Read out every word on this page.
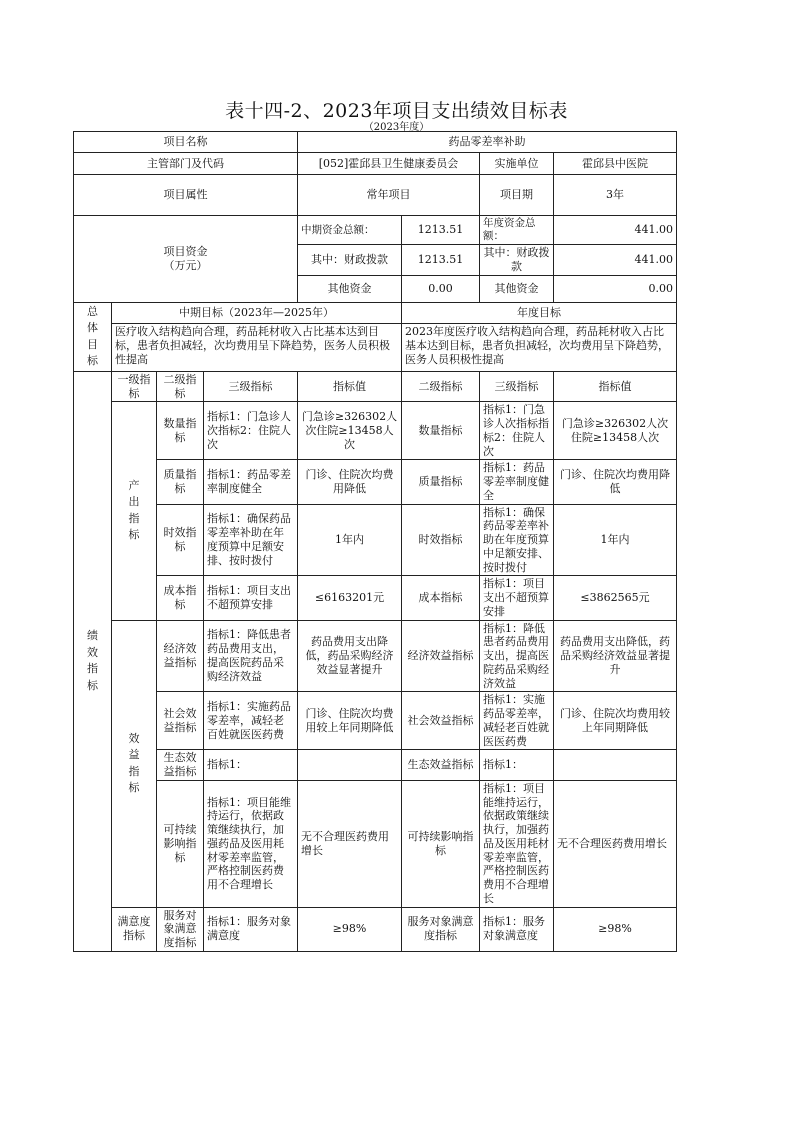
表十四-2、2023年项目支出绩效目标表
（2023年度）
项目名称				药品零差率补助			
主管部门及代码				[052]霍邱县卫生健康委员会		实施单位	霍邱县中医院
项目属性				常年项目		项目期	3年
项目资金
（万元）				中期资金总额：	1213.51	年度资金总额：	441.00
				其中：财政拨款	1213.51	其中：财政拨款	441.00
				其他资金	0.00	其他资金	0.00

总
体
目
标	中期目标（2023年—2025年）				年度目标		
	医疗收入结构趋向合理，药品耗材收入占比基本达到目标，患者负担减轻，次均费用呈下降趋势，医务人员积极性提高				2023年度医疗收入结构趋向合理，药品耗材收入占比基本达到目标，患者负担减轻，次均费用呈下降趋势，医务人员积极性提高		

绩
效
指
标	一级指标	二级指标	三级指标	指标值	二级指标	三级指标	指标值

	产
出
指
标	数量指标	指标1：门急诊人次指标2：住院人次	门急诊≥326302人次住院≥13458人次	数量指标	指标1：门急诊人次指标指标2：住院人次	门急诊≥326302人次住院≥13458人次
		质量指标	指标1：药品零差率制度健全	门诊、住院次均费用降低	质量指标	指标1：药品零差率制度健全	门诊、住院次均费用降低
		时效指标	指标1：确保药品零差率补助在年度预算中足额安排、按时拨付	1年内	时效指标	指标1：确保药品零差率补助在年度预算中足额安排、按时拨付	1年内
		成本指标	指标1：项目支出不超预算安排	≤6163201元	成本指标	指标1：项目支出不超预算安排	≤3862565元

	效
益
指
标	经济效益指标	指标1：降低患者药品费用支出，提高医院药品采购经济效益	药品费用支出降低，药品采购经济效益显著提升	经济效益指标	指标1：降低患者药品费用支出，提高医院药品采购经济效益	药品费用支出降低，药品采购经济效益显著提升
		社会效益指标	指标1：实施药品零差率，减轻老百姓就医医药费	门诊、住院次均费用较上年同期降低	社会效益指标	指标1：实施药品零差率，减轻老百姓就医医药费	门诊、住院次均费用较上年同期降低
		生态效益指标	指标1：		生态效益指标	指标1：	
		可持续影响指标	指标1：项目能维持运行，依据政策继续执行，加强药品及医用耗材零差率监管，严格控制医药费用不合理增长	无不合理医药费用增长	可持续影响指标	指标1：项目能维持运行，依据政策继续执行，加强药品及医用耗材零差率监管，严格控制医药费用不合理增长	无不合理医药费用增长
	满意度指标	服务对象满意度指标	指标1：服务对象满意度	≥98%	服务对象满意度指标	指标1：服务对象满意度	≥98%
